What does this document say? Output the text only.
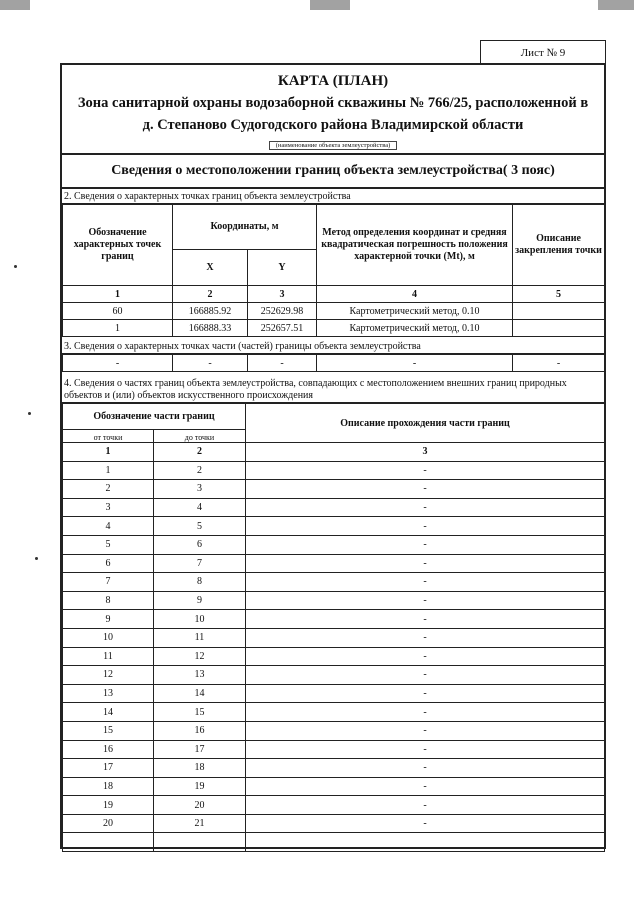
Лист № 9
КАРТА (ПЛАН)
Зона санитарной охраны водозаборной скважины № 766/25, расположенной в
д. Степаново Судогодского района Владимирской области
(наименование объекта землеустройства)
Сведения о местоположении границ объекта землеустройства( 3 пояс)
2. Сведения о характерных точках границ объекта землеустройства
Обозначение характерных точек границ	Координаты, м		Метод определения координат и средняя квадратическая погрешность положения характерной точки (Mt), м	Описание закрепления точки
	X	Y		
1	2	3	4	5
60	166885.92	252629.98	Картометрический метод, 0.10	
1	166888.33	252657.51	Картометрический метод, 0.10	
3. Сведения о характерных точках части (частей) границы объекта землеустройства
-	-	-	-	-
4. Сведения о частях границ объекта землеустройства, совпадающих с местоположением внешних границ природных объектов и (или) объектов искусственного происхождения
Обозначение части границ		Описание прохождения части границ
от точки	до точки	
1	2	3
1	2	-
2	3	-
3	4	-
4	5	-
5	6	-
6	7	-
7	8	-
8	9	-
9	10	-
10	11	-
11	12	-
12	13	-
13	14	-
14	15	-
15	16	-
16	17	-
17	18	-
18	19	-
19	20	-
20	21	-
